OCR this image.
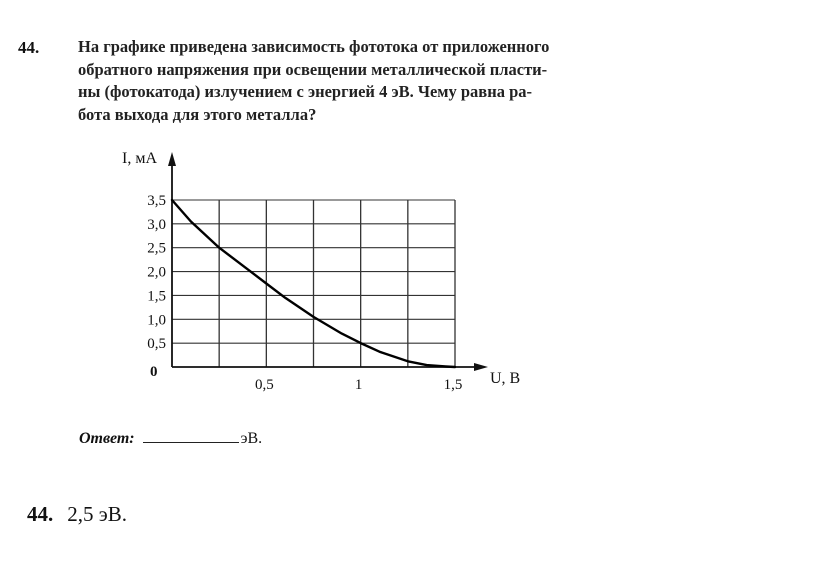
44. На графике приведена зависимость фототока от приложенного
обратного напряжения при освещении металлической пласти-
ны (фотокатода) излучением с энергией 4 эВ. Чему равна ра-
бота выхода для этого металла?
0,5
1,0
1,5
2,0
2,5
3,0
3,5
0,5	1	1,5
I, мА
U, В
0
Ответ:	эВ.
44. 2,5 эВ.
